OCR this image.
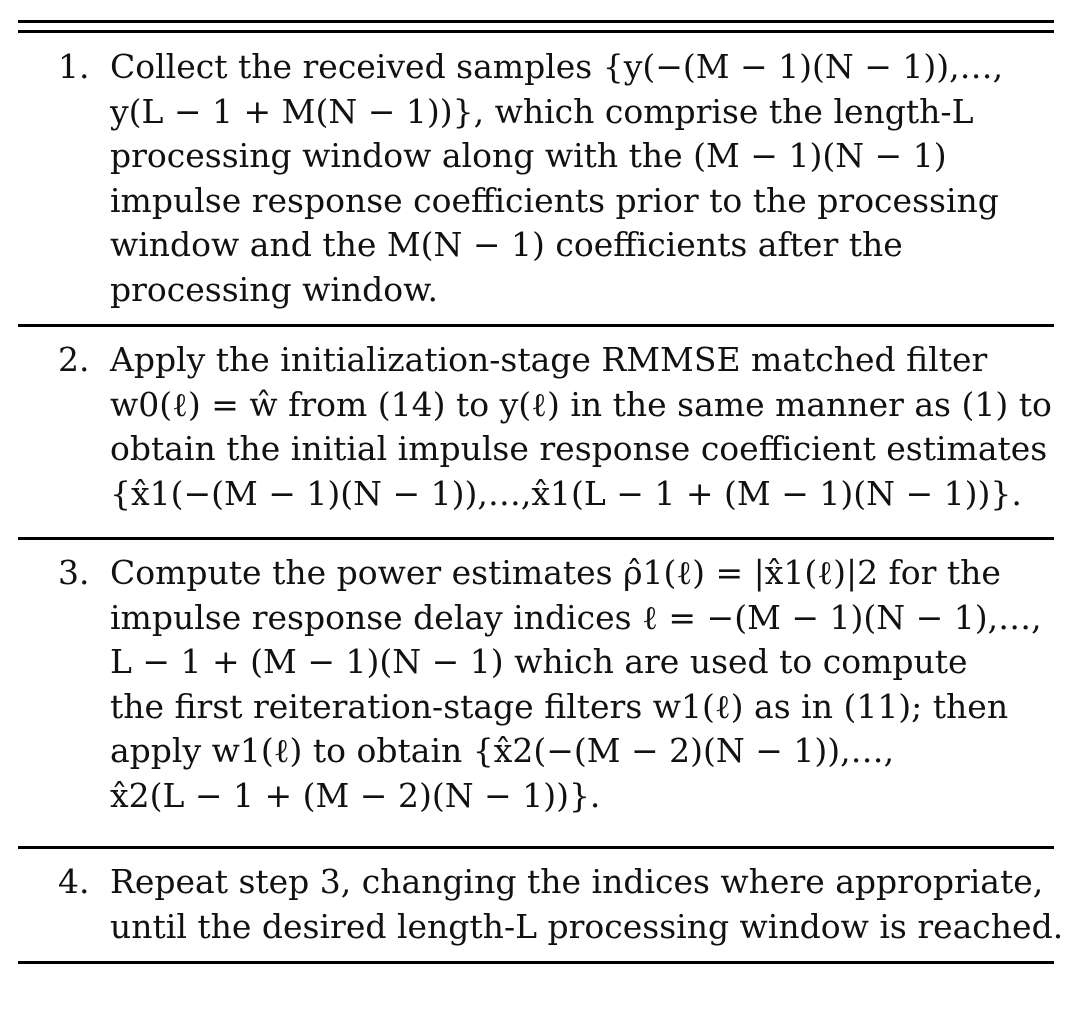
1. Collect the received samples {y(−(M − 1)(N − 1)),…,
y(L − 1 + M(N − 1))}, which comprise the length-L
processing window along with the (M − 1)(N − 1)
impulse response coefficients prior to the processing
window and the M(N − 1) coefficients after the
processing window.
2. Apply the initialization-stage RMMSE matched filter
w0(ℓ) = ŵ from (14) to y(ℓ) in the same manner as (1) to
obtain the initial impulse response coefficient estimates
{x̂1(−(M − 1)(N − 1)),…,x̂1(L − 1 + (M − 1)(N − 1))}.
3. Compute the power estimates ρ̂1(ℓ) = |x̂1(ℓ)|2 for the
impulse response delay indices ℓ = −(M − 1)(N − 1),…,
L − 1 + (M − 1)(N − 1) which are used to compute
the first reiteration-stage filters w1(ℓ) as in (11); then
apply w1(ℓ) to obtain {x̂2(−(M − 2)(N − 1)),…,
x̂2(L − 1 + (M − 2)(N − 1))}.
4. Repeat step 3, changing the indices where appropriate,
until the desired length-L processing window is reached.
